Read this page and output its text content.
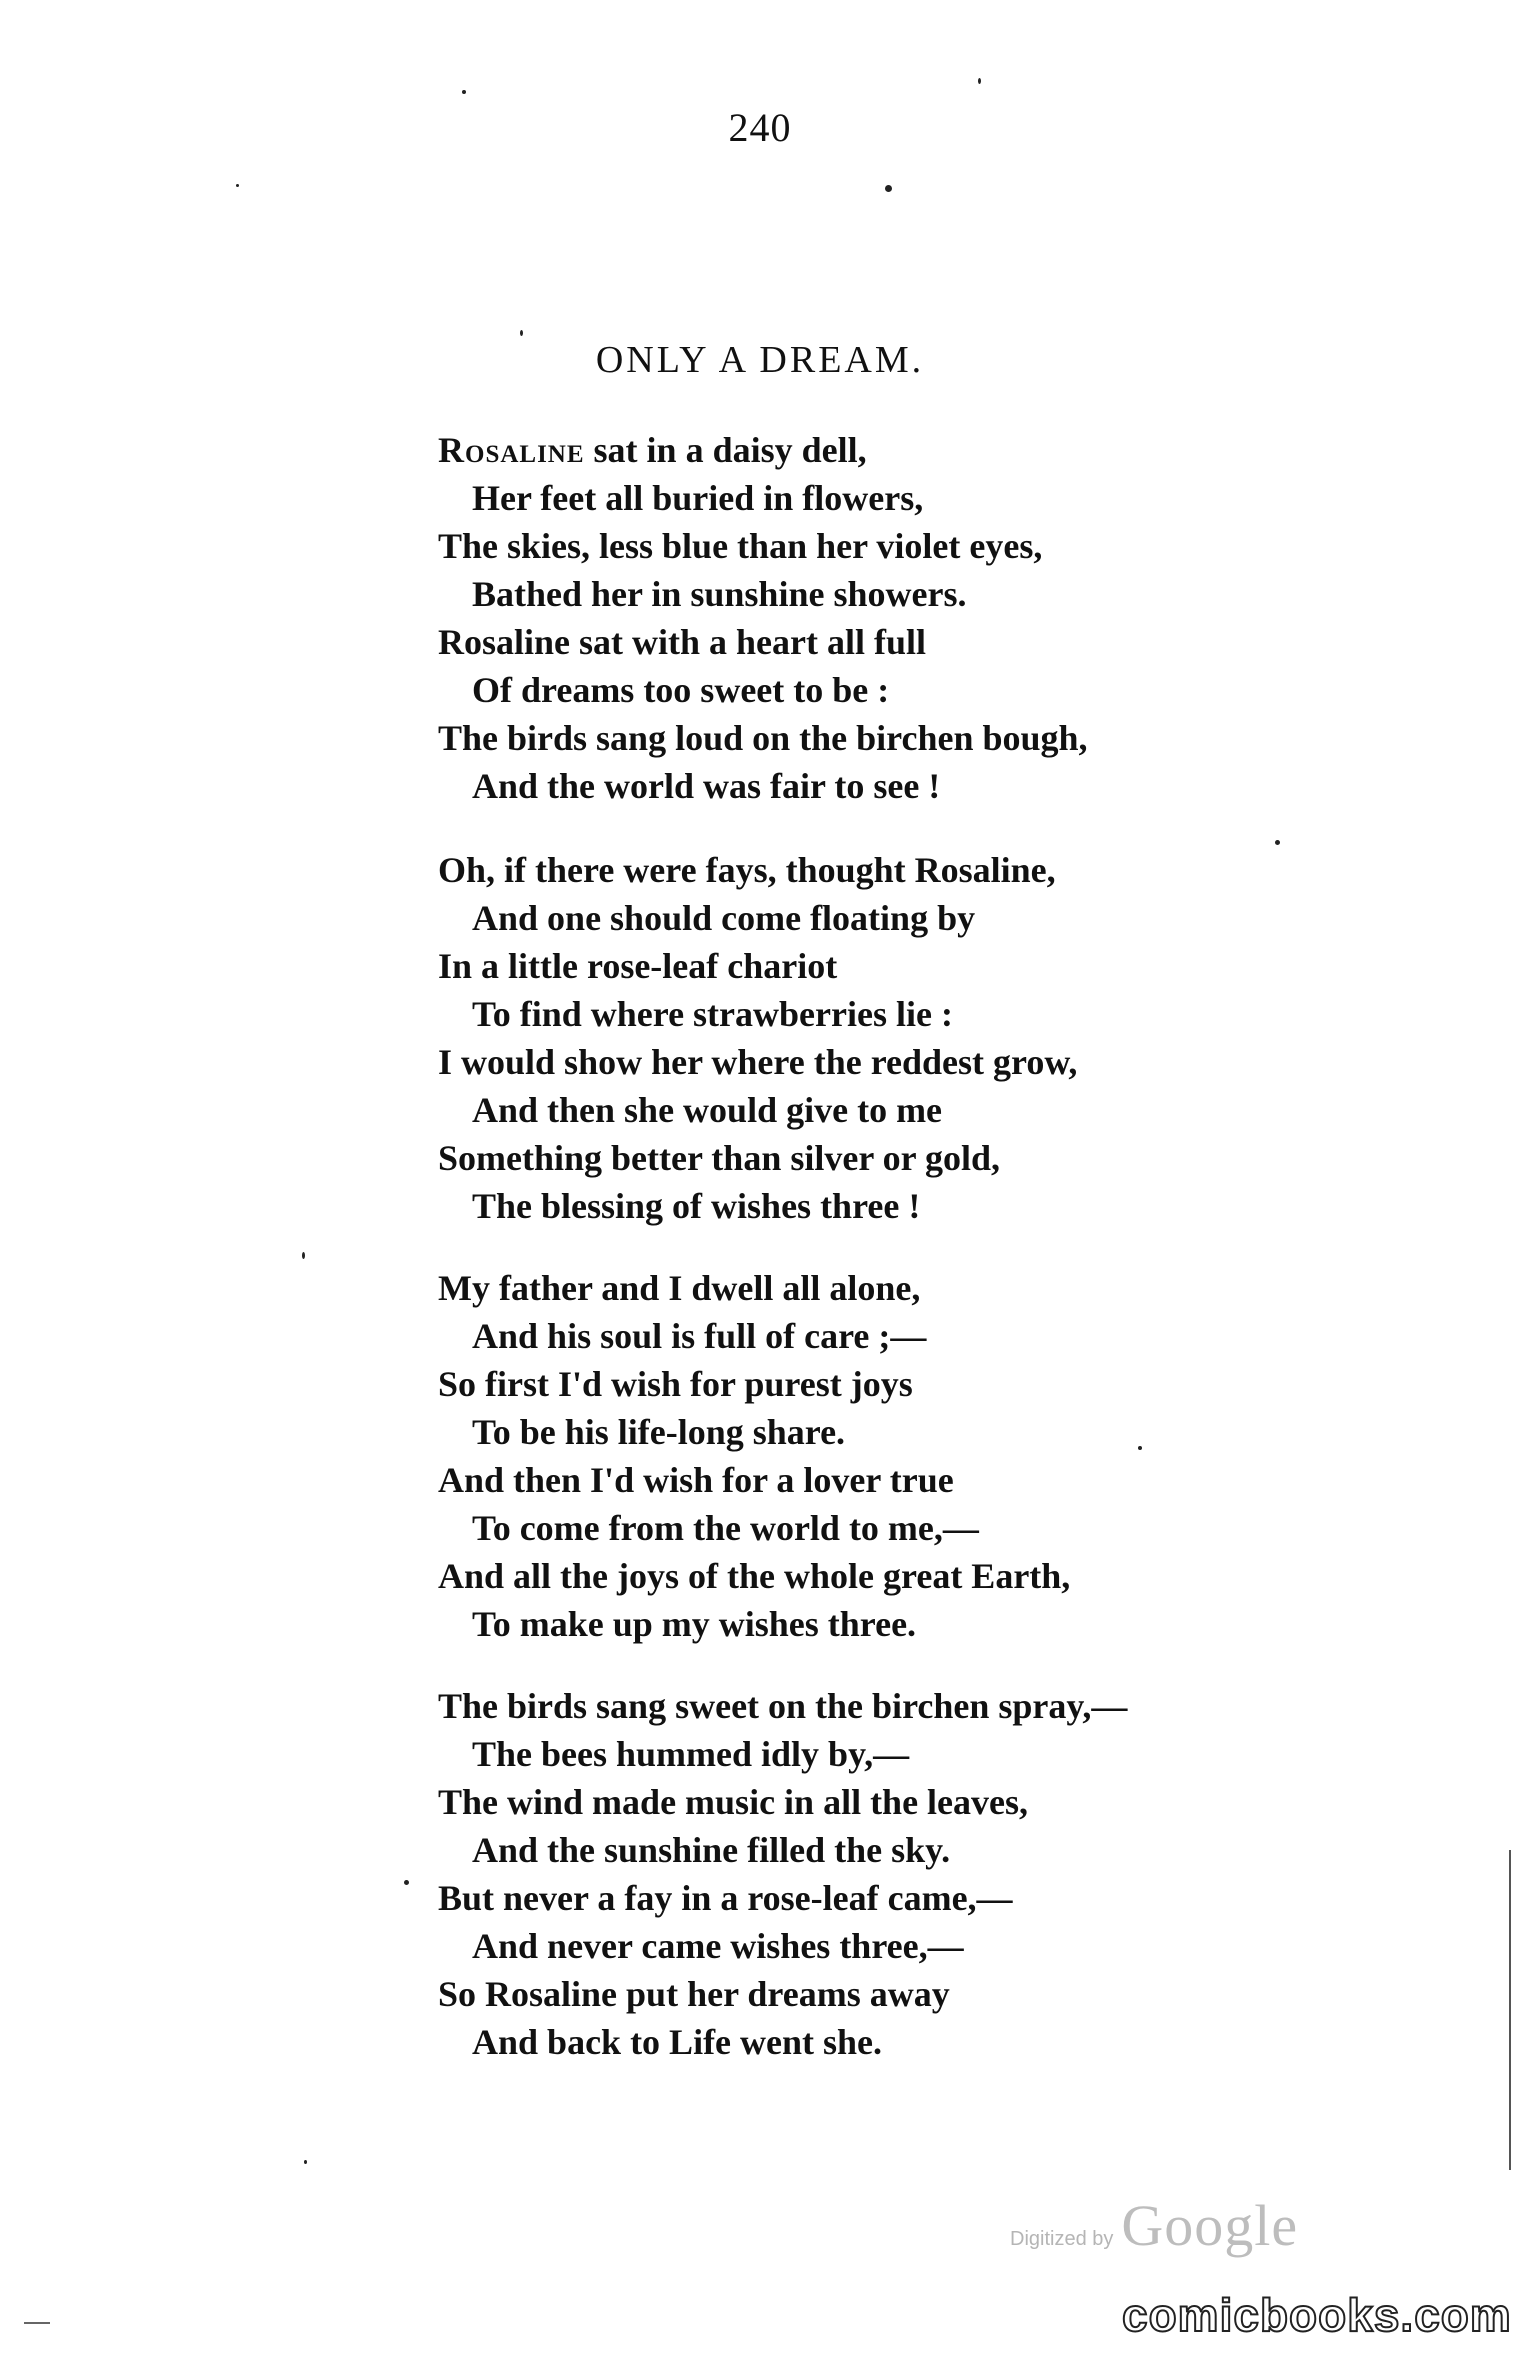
240
ONLY A DREAM.
Rosaline sat in a daisy dell,
Her feet all buried in flowers,
The skies, less blue than her violet eyes,
Bathed her in sunshine showers.
Rosaline sat with a heart all full
Of dreams too sweet to be :
The birds sang loud on the birchen bough,
And the world was fair to see !
Oh, if there were fays, thought Rosaline,
And one should come floating by
In a little rose-leaf chariot
To find where strawberries lie :
I would show her where the reddest grow,
And then she would give to me
Something better than silver or gold,
The blessing of wishes three !
My father and I dwell all alone,
And his soul is full of care ;—
So first I'd wish for purest joys
To be his life-long share.
And then I'd wish for a lover true
To come from the world to me,—
And all the joys of the whole great Earth,
To make up my wishes three.
The birds sang sweet on the birchen spray,—
The bees hummed idly by,—
The wind made music in all the leaves,
And the sunshine filled the sky.
But never a fay in a rose-leaf came,—
And never came wishes three,—
So Rosaline put her dreams away
And back to Life went she.
Digitized by Google
comicbooks.com
